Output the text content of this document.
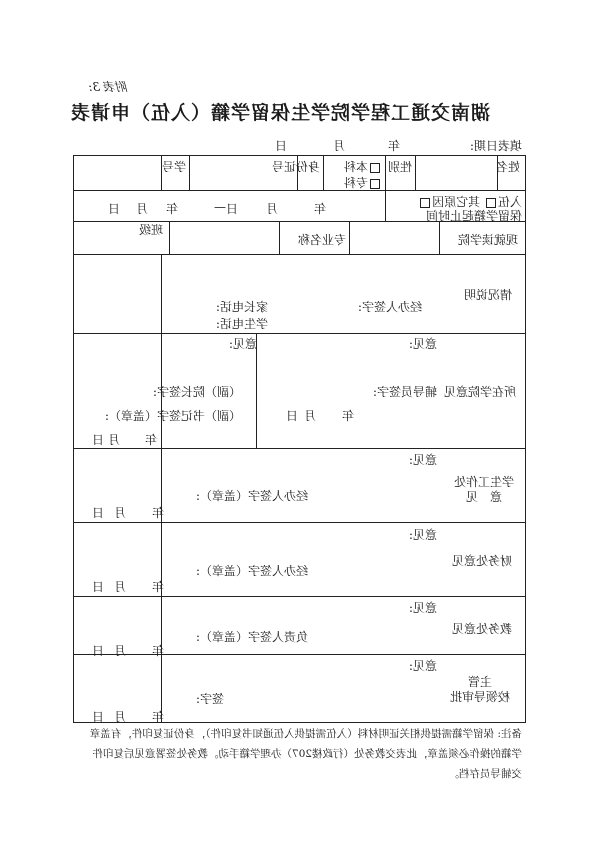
附表 3:
湖南交通工程学院学生保留学籍（入伍）申请表
填表日期:
年
月
日
姓名
性别
本科
专科
身份证号
学号
入伍 其它原因
保留学籍起止时间
年
月
日
—
年
月
日
现就读学院
专业名称
班级
情况说明
经办人签字:
家长电话:
学生电话:
所在学院意见
意见:
意见:
辅导员签字:
（副）院长签字:
（副）书记签字（盖章）:	年
月
日
年
月
日
学生工作处
意　见
意见:
经办人签字（盖章）:
年
月
日
财务处意见
意见:
经办人签字（盖章）:
年
月
日
教务处意见
意见:
负责人签字（盖章）:
年
月
日
主管
校领导审批
意见:
签字:
年
月
日
备注: 保留学籍需提供相关证明材料（入伍需提供入伍通知书复印件），身份证复印件，有盖章
学籍的操作必须盖章，此表交教务处（行政楼207）办理学籍手动。教务处签署意见后复印件
交辅导员存档。
